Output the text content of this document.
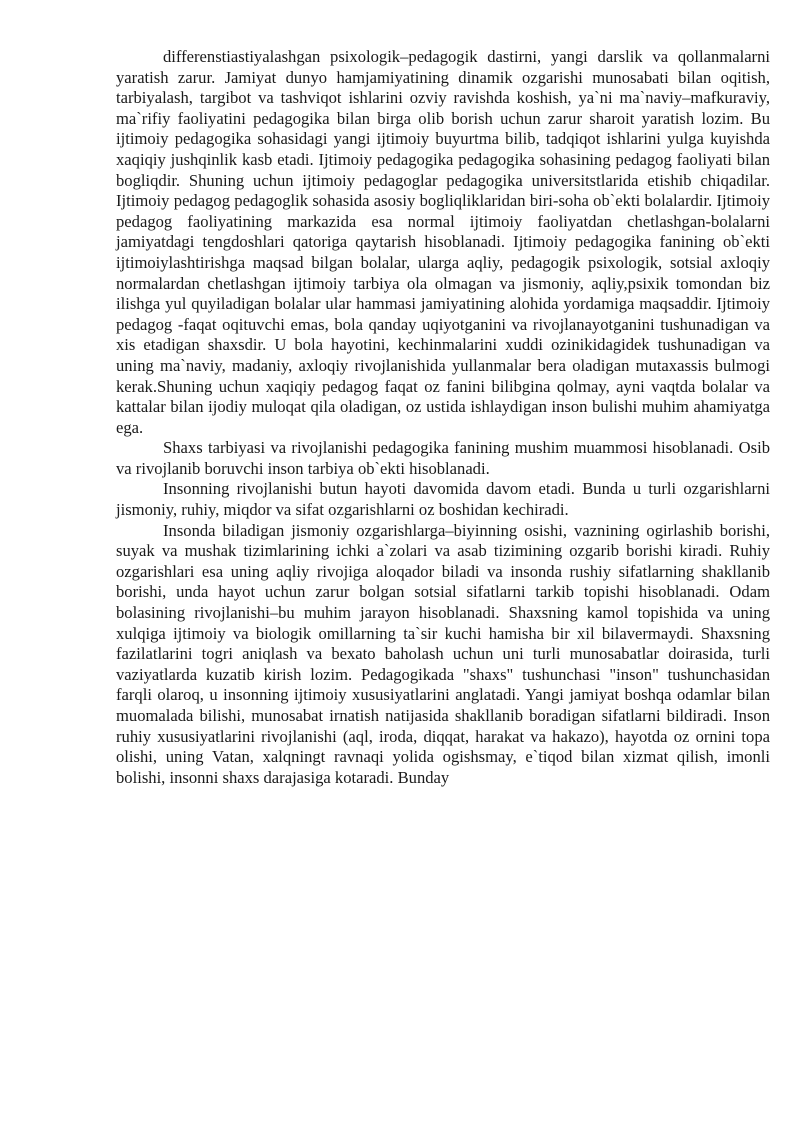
differenstiastiyalashgan psixologik–pedagogik dastirni, yangi darslik va qollanmalarni yaratish zarur. Jamiyat dunyo hamjamiyatining dinamik ozgarishi munosabati bilan oqitish, tarbiyalash, targibot va tashviqot ishlarini ozviy ravishda koshish, ya`ni ma`naviy–mafkuraviy, ma`rifiy faoliyatini pedagogika bilan birga olib borish uchun zarur sharoit yaratish lozim. Bu ijtimoiy pedagogika sohasidagi yangi ijtimoiy buyurtma bilib, tadqiqot ishlarini yulga kuyishda xaqiqiy jushqinlik kasb etadi. Ijtimoiy pedagogika pedagogika sohasining pedagog faoliyati bilan bogliqdir. Shuning uchun ijtimoiy pedagoglar pedagogika universitstlarida etishib chiqadilar. Ijtimoiy pedagog pedagoglik sohasida asosiy bogliqliklaridan biri-soha ob`ekti bolalardir. Ijtimoiy pedagog faoliyatining markazida esa normal ijtimoiy faoliyatdan chetlashgan-bolalarni jamiyatdagi tengdoshlari qatoriga qaytarish hisoblanadi. Ijtimoiy pedagogika fanining ob`ekti ijtimoiylashtirishga maqsad bilgan bolalar, ularga aqliy, pedagogik psixologik, sotsial axloqiy normalardan chetlashgan ijtimoiy tarbiya ola olmagan va jismoniy, aqliy,psixik tomondan biz ilishga yul quyiladigan bolalar ular hammasi jamiyatining alohida yordamiga maqsaddir. Ijtimoiy pedagog -faqat oqituvchi emas, bola qanday uqiyotganini va rivojlanayotganini tushunadigan va xis etadigan shaxsdir. U bola hayotini, kechinmalarini xuddi ozinikidagidek tushunadigan va uning ma`naviy, madaniy, axloqiy rivojlanishida yullanmalar bera oladigan mutaxassis bulmogi kerak.Shuning uchun xaqiqiy pedagog faqat oz fanini bilibgina qolmay, ayni vaqtda bolalar va kattalar bilan ijodiy muloqat qila oladigan, oz ustida ishlaydigan inson bulishi muhim ahamiyatga ega.

Shaxs tarbiyasi va rivojlanishi pedagogika fanining mushim muammosi hisoblanadi. Osib va rivojlanib boruvchi inson tarbiya ob`ekti hisoblanadi.

Insonning rivojlanishi butun hayoti davomida davom etadi. Bunda u turli ozgarishlarni jismoniy, ruhiy, miqdor va sifat ozgarishlarni oz boshidan kechiradi.

Insonda biladigan jismoniy ozgarishlarga–biyinning osishi, vaznining ogirlashib borishi, suyak va mushak tizimlarining ichki a`zolari va asab tizimining ozgarib borishi kiradi. Ruhiy ozgarishlari esa uning aqliy rivojiga aloqador biladi va insonda rushiy sifatlarning shakllanib borishi, unda hayot uchun zarur bolgan sotsial sifatlarni tarkib topishi hisoblanadi. Odam bolasining rivojlanishi–bu muhim jarayon hisoblanadi. Shaxsning kamol topishida va uning xulqiga ijtimoiy va biologik omillarning ta`sir kuchi hamisha bir xil bilavermaydi. Shaxsning fazilatlarini togri aniqlash va bexato baholash uchun uni turli munosabatlar doirasida, turli vaziyatlarda kuzatib kirish lozim. Pedagogikada "shaxs" tushunchasi "inson" tushunchasidan farqli olaroq, u insonning ijtimoiy xususiyatlarini anglatadi. Yangi jamiyat boshqa odamlar bilan muomalada bilishi, munosabat irnatish natijasida shakllanib boradigan sifatlarni bildiradi. Inson ruhiy xususiyatlarini rivojlanishi (aql, iroda, diqqat, harakat va hakazo), hayotda oz ornini topa olishi, uning Vatan, xalqningt ravnaqi yolida ogishsmay, e`tiqod bilan xizmat qilish, imonli bolishi, insonni shaxs darajasiga kotaradi. Bunday
